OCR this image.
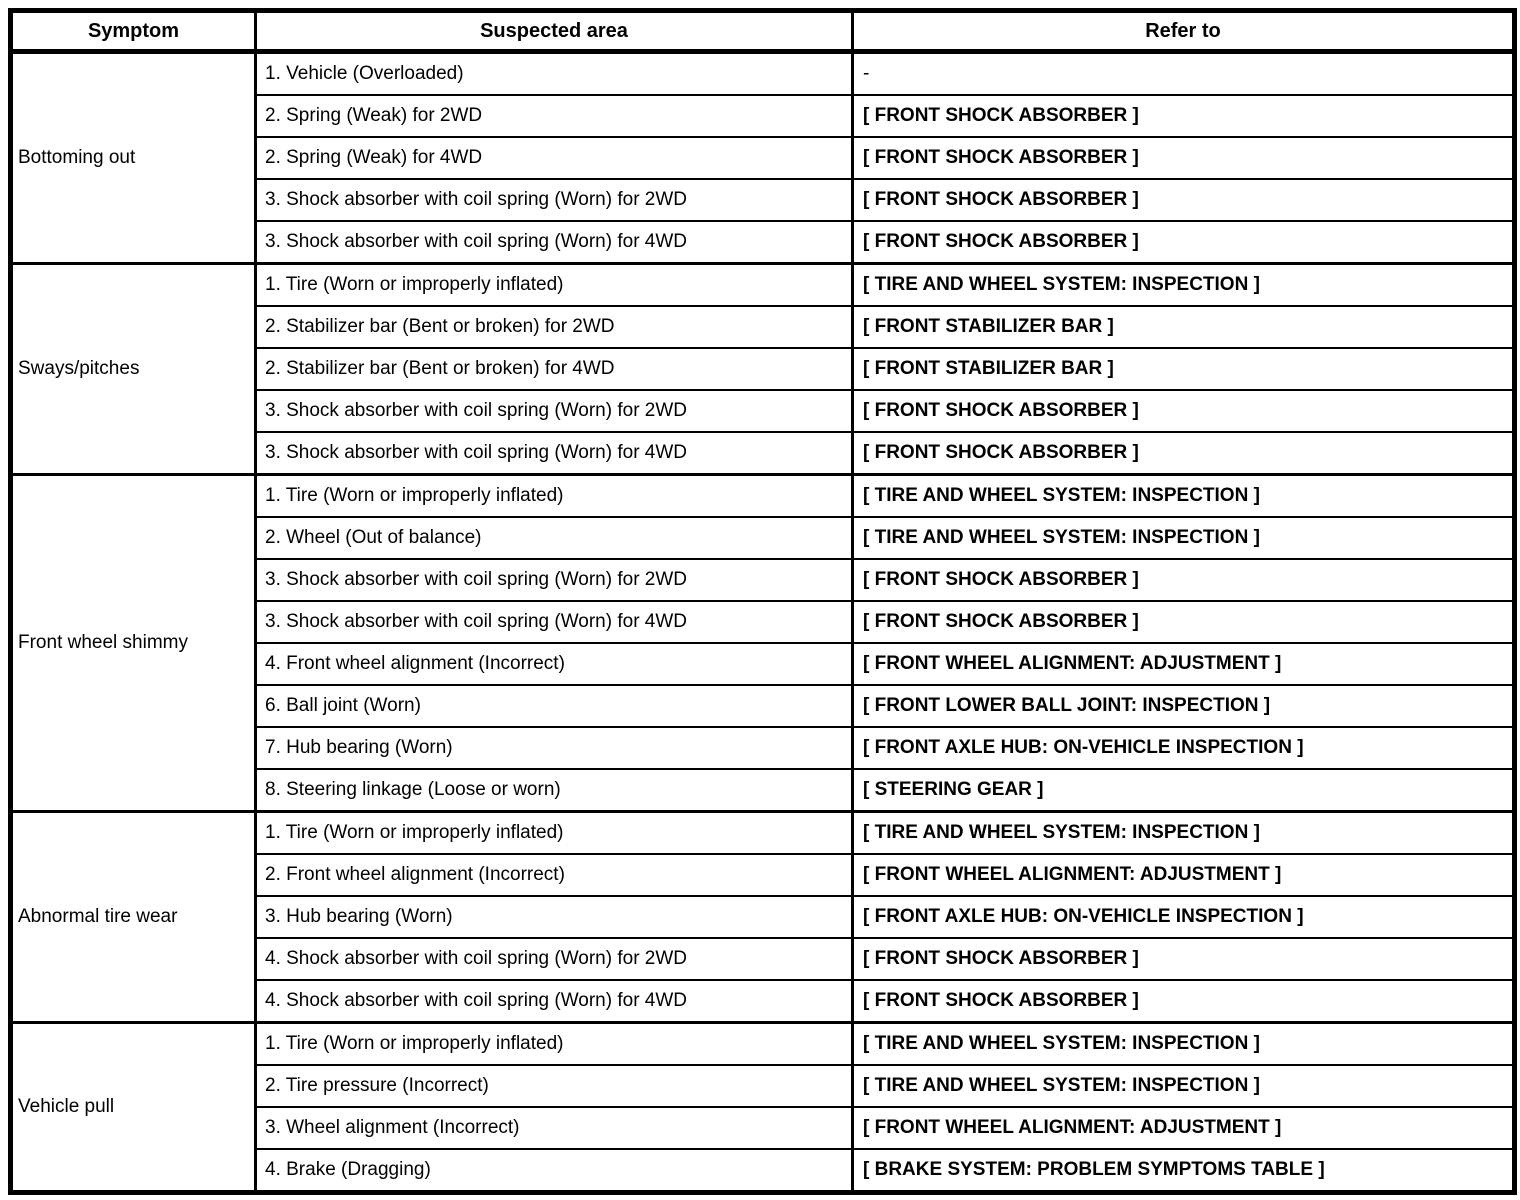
Symptom	Suspected area	Refer to
Bottoming out	1. Vehicle (Overloaded)	-
	2. Spring (Weak) for 2WD	[ FRONT SHOCK ABSORBER ]
	2. Spring (Weak) for 4WD	[ FRONT SHOCK ABSORBER ]
	3. Shock absorber with coil spring (Worn) for 2WD	[ FRONT SHOCK ABSORBER ]
	3. Shock absorber with coil spring (Worn) for 4WD	[ FRONT SHOCK ABSORBER ]
Sways/pitches	1. Tire (Worn or improperly inflated)	[ TIRE AND WHEEL SYSTEM: INSPECTION ]
	2. Stabilizer bar (Bent or broken) for 2WD	[ FRONT STABILIZER BAR ]
	2. Stabilizer bar (Bent or broken) for 4WD	[ FRONT STABILIZER BAR ]
	3. Shock absorber with coil spring (Worn) for 2WD	[ FRONT SHOCK ABSORBER ]
	3. Shock absorber with coil spring (Worn) for 4WD	[ FRONT SHOCK ABSORBER ]
Front wheel shimmy	1. Tire (Worn or improperly inflated)	[ TIRE AND WHEEL SYSTEM: INSPECTION ]
	2. Wheel (Out of balance)	[ TIRE AND WHEEL SYSTEM: INSPECTION ]
	3. Shock absorber with coil spring (Worn) for 2WD	[ FRONT SHOCK ABSORBER ]
	3. Shock absorber with coil spring (Worn) for 4WD	[ FRONT SHOCK ABSORBER ]
	4. Front wheel alignment (Incorrect)	[ FRONT WHEEL ALIGNMENT: ADJUSTMENT ]
	6. Ball joint (Worn)	[ FRONT LOWER BALL JOINT: INSPECTION ]
	7. Hub bearing (Worn)	[ FRONT AXLE HUB: ON-VEHICLE INSPECTION ]
	8. Steering linkage (Loose or worn)	[ STEERING GEAR ]
Abnormal tire wear	1. Tire (Worn or improperly inflated)	[ TIRE AND WHEEL SYSTEM: INSPECTION ]
	2. Front wheel alignment (Incorrect)	[ FRONT WHEEL ALIGNMENT: ADJUSTMENT ]
	3. Hub bearing (Worn)	[ FRONT AXLE HUB: ON-VEHICLE INSPECTION ]
	4. Shock absorber with coil spring (Worn) for 2WD	[ FRONT SHOCK ABSORBER ]
	4. Shock absorber with coil spring (Worn) for 4WD	[ FRONT SHOCK ABSORBER ]
Vehicle pull	1. Tire (Worn or improperly inflated)	[ TIRE AND WHEEL SYSTEM: INSPECTION ]
	2. Tire pressure (Incorrect)	[ TIRE AND WHEEL SYSTEM: INSPECTION ]
	3. Wheel alignment (Incorrect)	[ FRONT WHEEL ALIGNMENT: ADJUSTMENT ]
	4. Brake (Dragging)	[ BRAKE SYSTEM: PROBLEM SYMPTOMS TABLE ]
